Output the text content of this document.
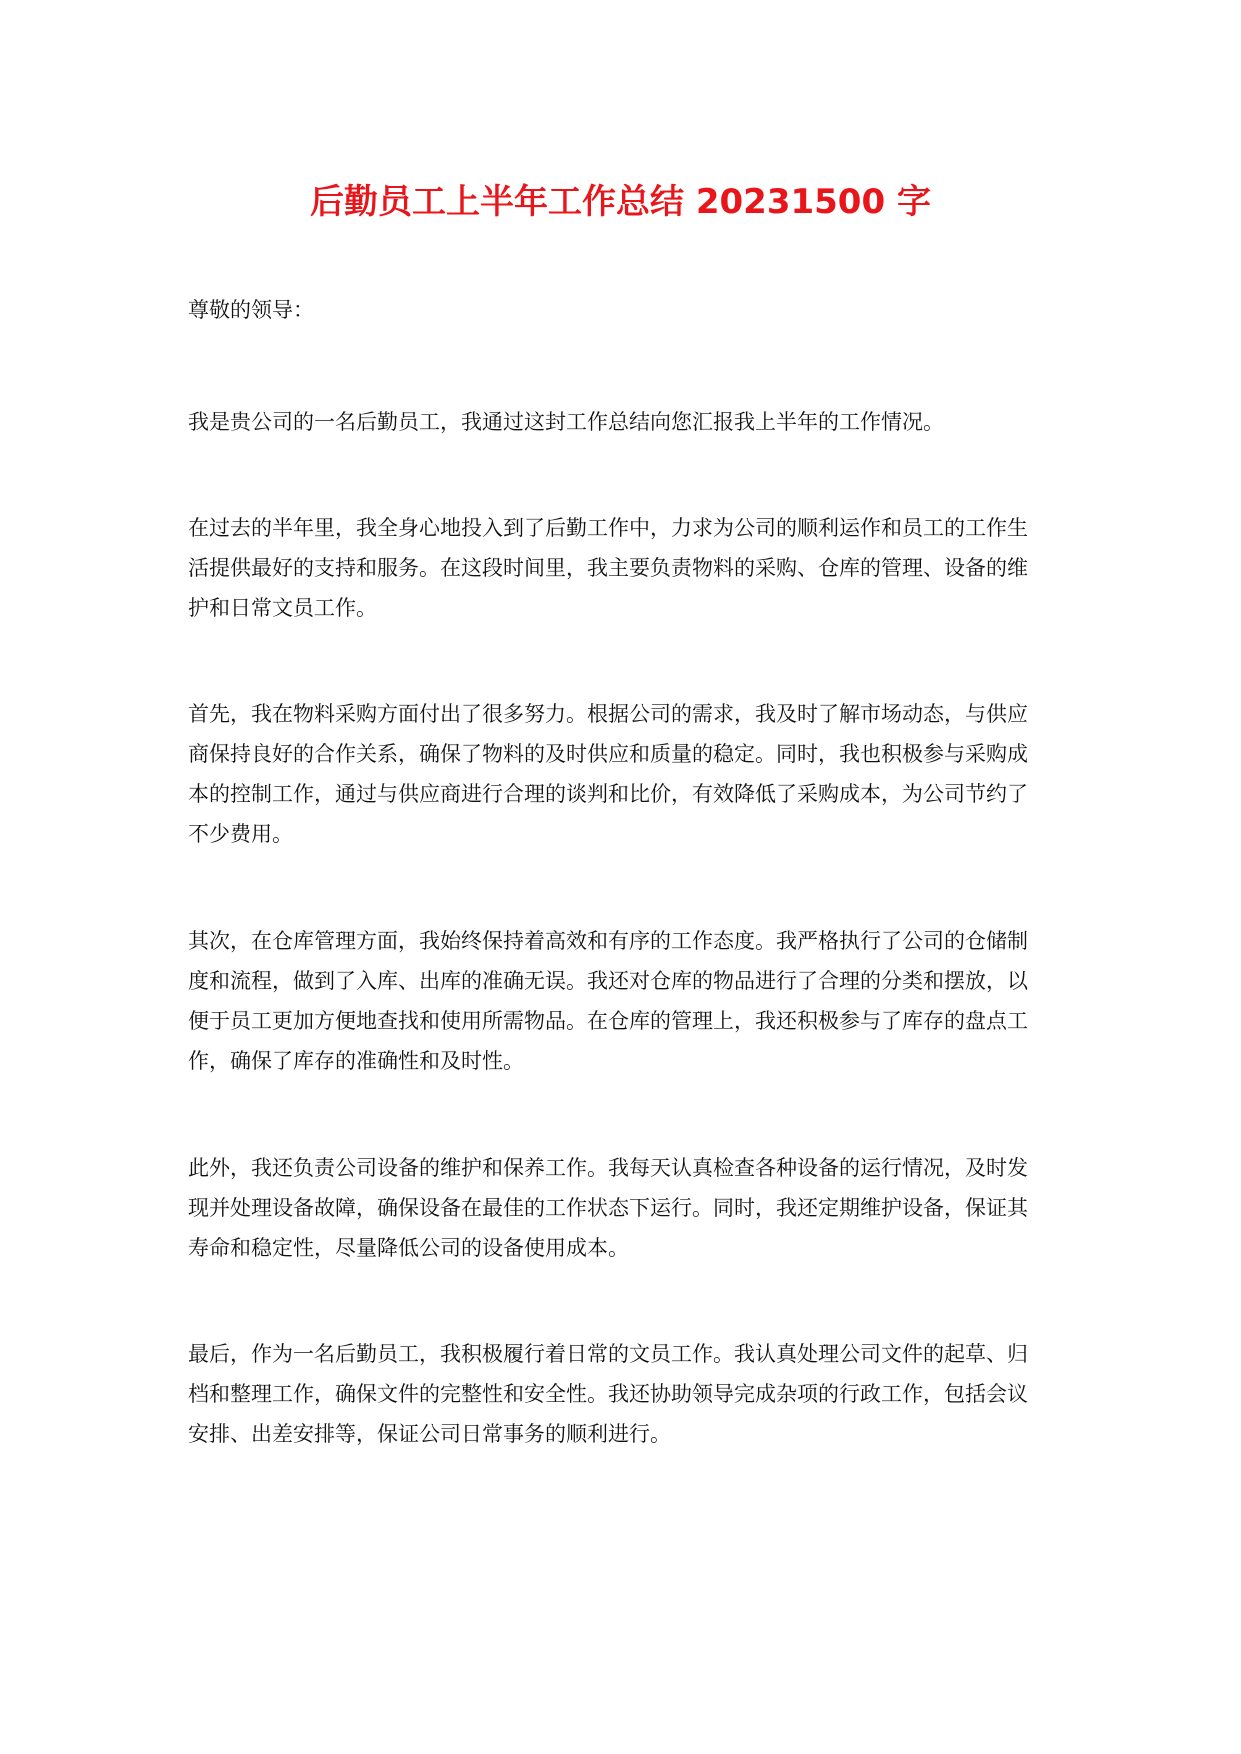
后勤员工上半年工作总结 20231500 字

尊敬的领导：

我是贵公司的一名后勤员工，我通过这封工作总结向您汇报我上半年的工作情况。

在过去的半年里，我全身心地投入到了后勤工作中，力求为公司的顺利运作和员工的工作生活提供最好的支持和服务。在这段时间里，我主要负责物料的采购、仓库的管理、设备的维护和日常文员工作。

首先，我在物料采购方面付出了很多努力。根据公司的需求，我及时了解市场动态，与供应商保持良好的合作关系，确保了物料的及时供应和质量的稳定。同时，我也积极参与采购成本的控制工作，通过与供应商进行合理的谈判和比价，有效降低了采购成本，为公司节约了不少费用。

其次，在仓库管理方面，我始终保持着高效和有序的工作态度。我严格执行了公司的仓储制度和流程，做到了入库、出库的准确无误。我还对仓库的物品进行了合理的分类和摆放，以便于员工更加方便地查找和使用所需物品。在仓库的管理上，我还积极参与了库存的盘点工作，确保了库存的准确性和及时性。

此外，我还负责公司设备的维护和保养工作。我每天认真检查各种设备的运行情况，及时发现并处理设备故障，确保设备在最佳的工作状态下运行。同时，我还定期维护设备，保证其寿命和稳定性，尽量降低公司的设备使用成本。

最后，作为一名后勤员工，我积极履行着日常的文员工作。我认真处理公司文件的起草、归档和整理工作，确保文件的完整性和安全性。我还协助领导完成杂项的行政工作，包括会议安排、出差安排等，保证公司日常事务的顺利进行。
